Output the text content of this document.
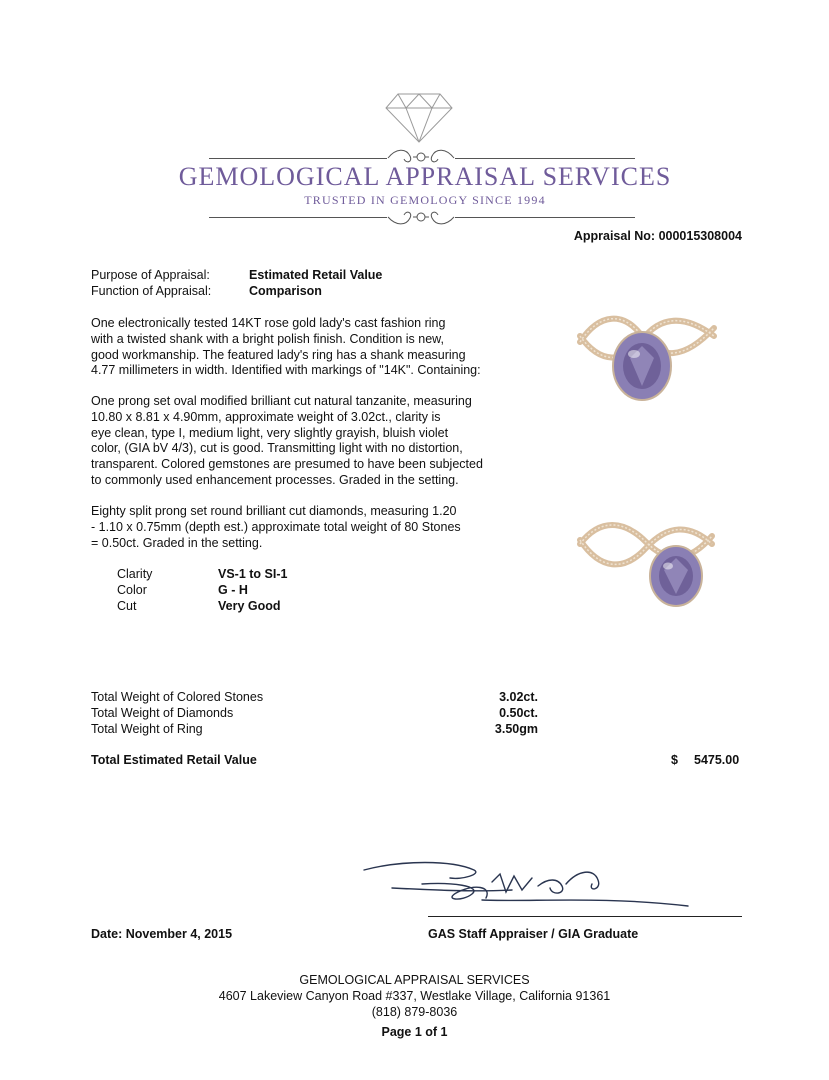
GEMOLOGICAL APPRAISAL SERVICES
TRUSTED IN GEMOLOGY SINCE 1994
Appraisal No: 000015308004
Purpose of Appraisal:	Estimated Retail Value
Function of Appraisal:	Comparison
One electronically tested 14KT rose gold lady's cast fashion ring
with a twisted shank with a bright polish finish. Condition is new,
good workmanship. The featured lady's ring has a shank measuring
4.77 millimeters in width. Identified with markings of "14K". Containing:
One prong set oval modified brilliant cut natural tanzanite, measuring
10.80 x 8.81 x 4.90mm, approximate weight of 3.02ct., clarity is
eye clean, type I, medium light, very slightly grayish, bluish violet
color, (GIA bV 4/3), cut is good. Transmitting light with no distortion,
transparent. Colored gemstones are presumed to have been subjected
to commonly used enhancement processes. Graded in the setting.
Eighty split prong set round brilliant cut diamonds, measuring 1.20
- 1.10 x 0.75mm (depth est.) approximate total weight of 80 Stones
= 0.50ct. Graded in the setting.
Clarity	VS-1 to SI-1
Color	G - H
Cut	Very Good
Total Weight of Colored Stones	3.02ct.
Total Weight of Diamonds	0.50ct.
Total Weight of Ring	3.50gm
Total Estimated Retail Value	$ 5475.00
Date: November 4, 2015	GAS Staff Appraiser / GIA Graduate
GEMOLOGICAL APPRAISAL SERVICES
4607 Lakeview Canyon Road #337, Westlake Village, California 91361
(818) 879-8036
Page 1 of 1
